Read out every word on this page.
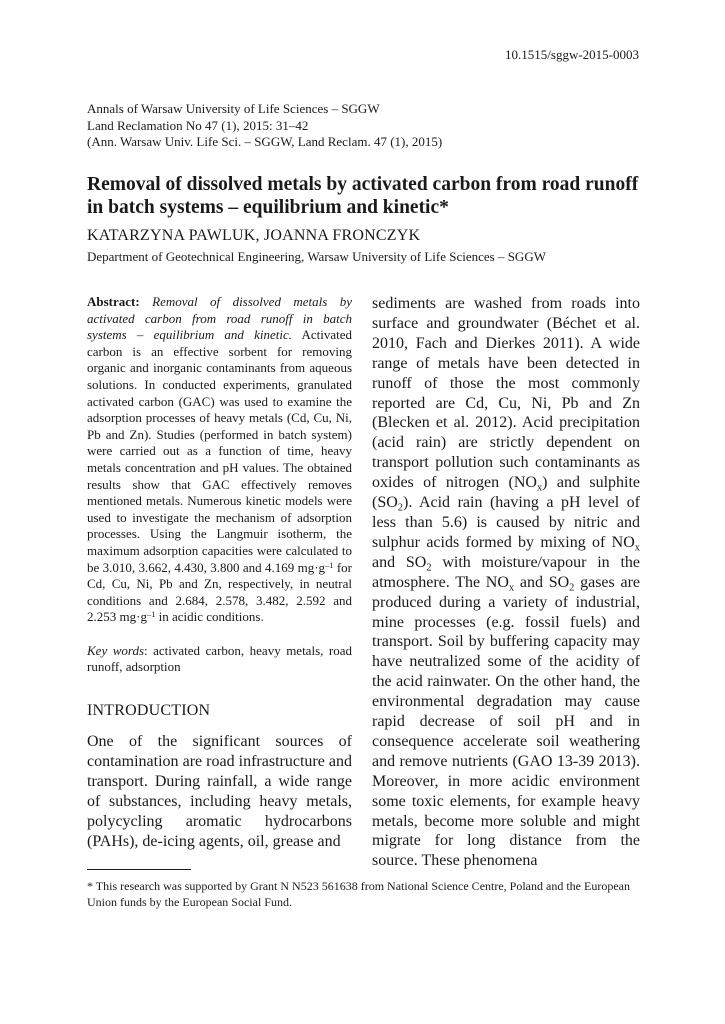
10.1515/sggw-2015-0003
Annals of Warsaw University of Life Sciences – SGGW
Land Reclamation No 47 (1), 2015: 31–42
(Ann. Warsaw Univ. Life Sci. – SGGW, Land Reclam. 47 (1), 2015)
Removal of dissolved metals by activated carbon from road runoff in batch systems – equilibrium and kinetic*
KATARZYNA PAWLUK, JOANNA FRONCZYK
Department of Geotechnical Engineering, Warsaw University of Life Sciences – SGGW

Abstract: Removal of dissolved metals by activated carbon from road runoff in batch systems – equilibrium and kinetic. Activated carbon is an effective sorbent for removing organic and inorganic contaminants from aqueous solutions. In conducted experiments, granulated activated carbon (GAC) was used to examine the adsorption processes of heavy metals (Cd, Cu, Ni, Pb and Zn). Studies (performed in batch system) were carried out as a function of time, heavy metals concentration and pH values. The obtained results show that GAC effectively removes mentioned metals. Numerous kinetic models were used to investigate the mechanism of adsorption processes. Using the Langmuir isotherm, the maximum adsorption capacities were calculated to be 3.010, 3.662, 4.430, 3.800 and 4.169 $mg\cdot g^{-1}$ for Cd, Cu, Ni, Pb and Zn, respectively, in neutral conditions and 2.684, 2.578, 3.482, 2.592 and 2.253 $mg\cdot g^{-1}$ in acidic conditions.

Key words: activated carbon, heavy metals, road runoff, adsorption

INTRODUCTION

One of the significant sources of contamination are road infrastructure and transport. During rainfall, a wide range of substances, including heavy metals, polycycling aromatic hydrocarbons (PAHs), de-icing agents, oil, grease and

sediments are washed from roads into surface and groundwater (Béchet et al. 2010, Fach and Dierkes 2011). A wide range of metals have been detected in runoff of those the most commonly reported are Cd, Cu, Ni, Pb and Zn (Blecken et al. 2012). Acid precipitation (acid rain) are strictly dependent on transport pollution such contaminants as oxides of nitrogen $(NO_x)$ and sulphite $(SO_2)$. Acid rain (having a pH level of less than 5.6) is caused by nitric and sulphur acids formed by mixing of $NO_x$ and $SO_2$ with moisture/vapour in the atmosphere. The $NO_x$ and $SO_2$ gases are produced during a variety of industrial, mine processes (e.g. fossil fuels) and transport. Soil by buffering capacity may have neutralized some of the acidity of the acid rainwater. On the other hand, the environmental degradation may cause rapid decrease of soil pH and in consequence accelerate soil weathering and remove nutrients (GAO 13-39 2013). Moreover, in more acidic environment some toxic elements, for example heavy metals, become more soluble and might migrate for long distance from the source. These phenomena

* This research was supported by Grant N N523 561638 from National Science Centre, Poland and the European Union funds by the European Social Fund.
